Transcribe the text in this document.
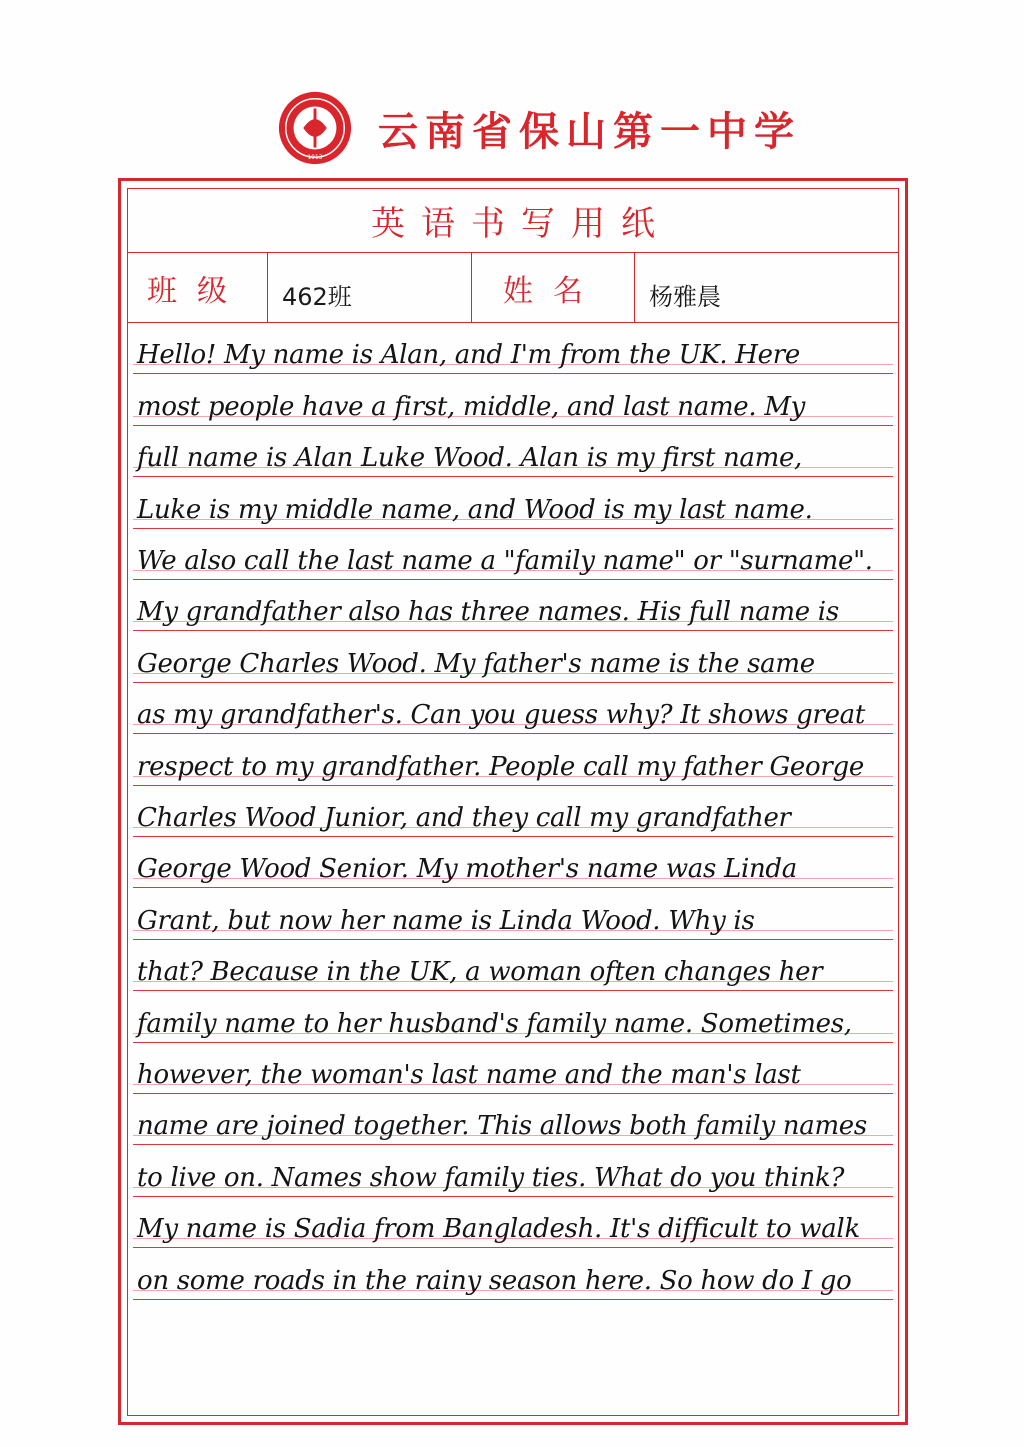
1913
云南省保山第一中学
英语书写用纸
班级 462班	姓名 杨雅晨
Hello! My name is Alan, and I'm from the UK. Here
most people have a first, middle, and last name. My
full name is Alan Luke Wood. Alan is my first name,
Luke is my middle name, and Wood is my last name.
We also call the last name a "family name" or "surname".
My grandfather also has three names. His full name is
George Charles Wood. My father's name is the same
as my grandfather's. Can you guess why? It shows great
respect to my grandfather. People call my father George
Charles Wood Junior, and they call my grandfather
George Wood Senior. My mother's name was Linda
Grant, but now her name is Linda Wood. Why is
that? Because in the UK, a woman often changes her
family name to her husband's family name. Sometimes,
however, the woman's last name and the man's last
name are joined together. This allows both family names
to live on. Names show family ties. What do you think?
My name is Sadia from Bangladesh. It's difficult to walk
on some roads in the rainy season here. So how do I go
